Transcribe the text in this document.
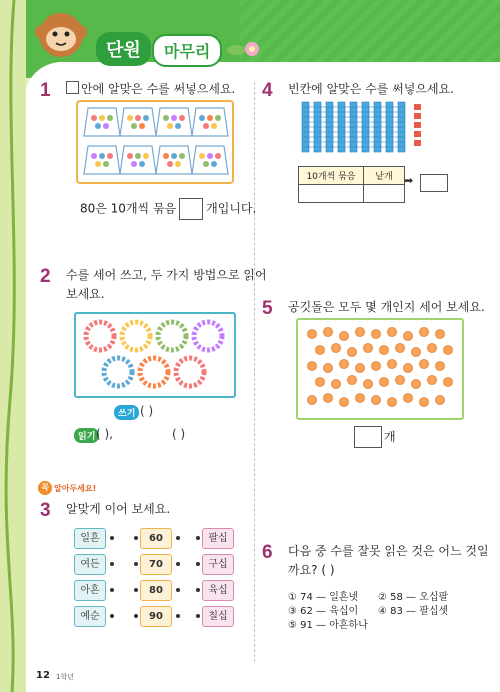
단원	마무리
1	안에 알맞은 수를 써넣으세요.
80은 10개씩 묶음	개입니다.
2 수를 세어 쓰고, 두 가지 방법으로 읽어
보세요.
쓰기 ( )
읽기 ( ),	( )
꼭 알아두세요!
3 알맞게 이어 보세요.
일흔
여든
아흔
예순
60
70
80
90
팔십
구십
육십
칠십
4 빈칸에 알맞은 수를 써넣으세요.
10개씩 묶음	낱개
	➡
5 공깃돌은 모두 몇 개인지 세어 보세요.
개
6 다음 중 수를 잘못 읽은 것은 어느 것일
까요? ( )
① 74 — 일흔넷 ② 58 — 오십팔
③ 62 — 육십이 ④ 83 — 팔십셋
⑤ 91 — 아흔하나
12 1학년
